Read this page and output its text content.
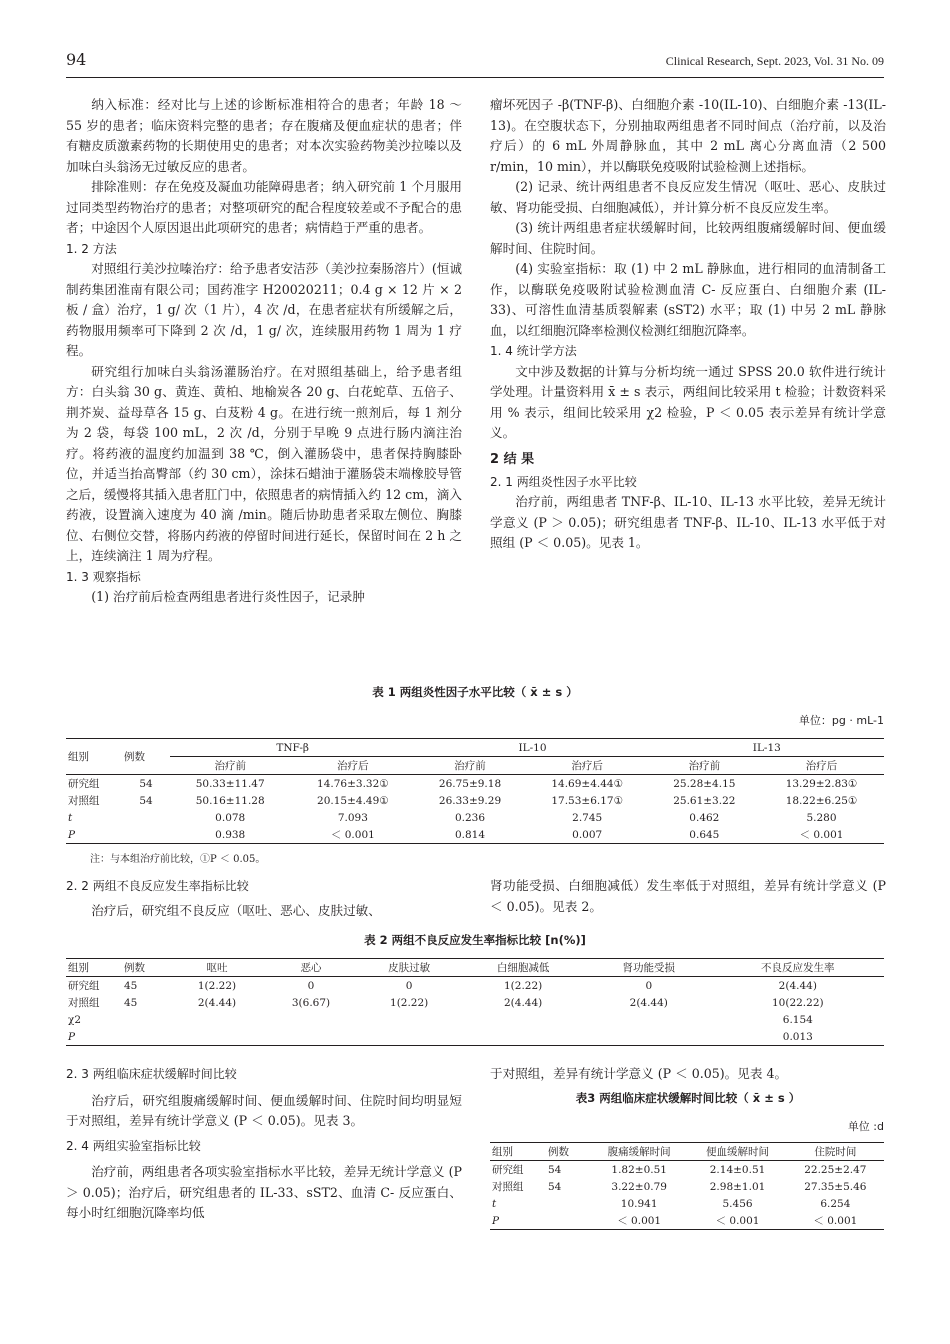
94	Clinical Research, Sept. 2023, Vol. 31 No. 09

纳入标准：经对比与上述的诊断标准相符合的患者；年龄 18 ～ 55 岁的患者；临床资料完整的患者；存在腹痛及便血症状的患者；伴有糖皮质激素药物的长期使用史的患者；对本次实验药物美沙拉嗪以及加味白头翁汤无过敏反应的患者。

排除准则：存在免疫及凝血功能障碍患者；纳入研究前 1 个月服用过同类型药物治疗的患者；对整项研究的配合程度较差或不予配合的患者；中途因个人原因退出此项研究的患者；病情趋于严重的患者。

1. 2 方法

对照组行美沙拉嗪治疗：给予患者安洁莎（美沙拉秦肠溶片）(恒诚制药集团淮南有限公司；国药准字 H20020211；0.4 g × 12 片 × 2 板 / 盒）治疗，1 g/ 次（1 片），4 次 /d，在患者症状有所缓解之后，药物服用频率可下降到 2 次 /d，1 g/ 次，连续服用药物 1 周为 1 疗程。

研究组行加味白头翁汤灌肠治疗。在对照组基础上，给予患者组方：白头翁 30 g、黄连、黄柏、地榆炭各 20 g、白花蛇草、五倍子、荆芥炭、益母草各 15 g、白芨粉 4 g。在进行统一煎剂后，每 1 剂分为 2 袋，每袋 100 mL，2 次 /d，分别于早晚 9 点进行肠内滴注治疗。将药液的温度约加温到 38 ℃，倒入灌肠袋中，患者保持胸膝卧位，并适当抬高臀部（约 30 cm），涂抹石蜡油于灌肠袋末端橡胶导管之后，缓慢将其插入患者肛门中，依照患者的病情插入约 12 cm，滴入药液，设置滴入速度为 40 滴 /min。随后协助患者采取左侧位、胸膝位、右侧位交替，将肠内药液的停留时间进行延长，保留时间在 2 h 之上，连续滴注 1 周为疗程。

1. 3 观察指标

(1) 治疗前后检查两组患者进行炎性因子，记录肿

瘤坏死因子 -β(TNF-β)、白细胞介素 -10(IL-10)、白细胞介素 -13(IL-13)。在空腹状态下，分别抽取两组患者不同时间点（治疗前，以及治疗后）的 6 mL 外周静脉血，其中 2 mL 离心分离血清（2 500 r/min，10 min），并以酶联免疫吸附试验检测上述指标。

(2) 记录、统计两组患者不良反应发生情况（呕吐、恶心、皮肤过敏、肾功能受损、白细胞减低），并计算分析不良反应发生率。

(3) 统计两组患者症状缓解时间，比较两组腹痛缓解时间、便血缓解时间、住院时间。

(4) 实验室指标：取 (1) 中 2 mL 静脉血，进行相同的血清制备工作，以酶联免疫吸附试验检测血清 C- 反应蛋白、白细胞介素 (IL-33)、可溶性血清基质裂解素 (sST2) 水平；取 (1) 中另 2 mL 静脉血，以红细胞沉降率检测仪检测红细胞沉降率。

1. 4 统计学方法

文中涉及数据的计算与分析均统一通过 SPSS 20.0 软件进行统计学处理。计量资料用 x̄ ± s 表示，两组间比较采用 t 检验；计数资料采用 % 表示，组间比较采用 χ2 检验，P ＜ 0.05 表示差异有统计学意义。

2 结 果
2. 1 两组炎性因子水平比较

治疗前，两组患者 TNF-β、IL-10、IL-13 水平比较，差异无统计学意义 (P ＞ 0.05)；研究组患者 TNF-β、IL-10、IL-13 水平低于对照组 (P ＜ 0.05)。见表 1。

表 1 两组炎性因子水平比较（ x̄ ± s ）
单位：pg · mL-1
组别	例数	TNF-β		IL-10		IL-13	
		治疗前	治疗后	治疗前	治疗后	治疗前	治疗后
研究组	54	50.33±11.47	14.76±3.32①	26.75±9.18	14.69±4.44①	25.28±4.15	13.29±2.83①
对照组	54	50.16±11.28	20.15±4.49①	26.33±9.29	17.53±6.17①	25.61±3.22	18.22±6.25①
t		0.078	7.093	0.236	2.745	0.462	5.280
P		0.938	＜ 0.001	0.814	0.007	0.645	＜ 0.001
注：与本组治疗前比较，①P ＜ 0.05。
2. 2 两组不良反应发生率指标比较

治疗后，研究组不良反应（呕吐、恶心、皮肤过敏、

肾功能受损、白细胞减低）发生率低于对照组，差异有统计学意义 (P ＜ 0.05)。见表 2。

表 2 两组不良反应发生率指标比较 [n(%)]
组别	例数	呕吐	恶心	皮肤过敏	白细胞减低	肾功能受损	不良反应发生率
研究组	45	1(2.22)	0	0	1(2.22)	0	2(4.44)
对照组	45	2(4.44)	3(6.67)	1(2.22)	2(4.44)	2(4.44)	10(22.22)
χ2							6.154
P							0.013
2. 3 两组临床症状缓解时间比较

治疗后，研究组腹痛缓解时间、便血缓解时间、住院时间均明显短于对照组，差异有统计学意义 (P ＜ 0.05)。见表 3。

2. 4 两组实验室指标比较

治疗前，两组患者各项实验室指标水平比较，差异无统计学意义 (P ＞ 0.05)；治疗后，研究组患者的 IL-33、sST2、血清 C- 反应蛋白、每小时红细胞沉降率均低

于对照组，差异有统计学意义 (P ＜ 0.05)。见表 4。

表3 两组临床症状缓解时间比较（ x̄ ± s ）
单位 :d
组别	例数	腹痛缓解时间	便血缓解时间	住院时间
研究组	54	1.82±0.51	2.14±0.51	22.25±2.47
对照组	54	3.22±0.79	2.98±1.01	27.35±5.46
t		10.941	5.456	6.254
P		＜ 0.001	＜ 0.001	＜ 0.001
